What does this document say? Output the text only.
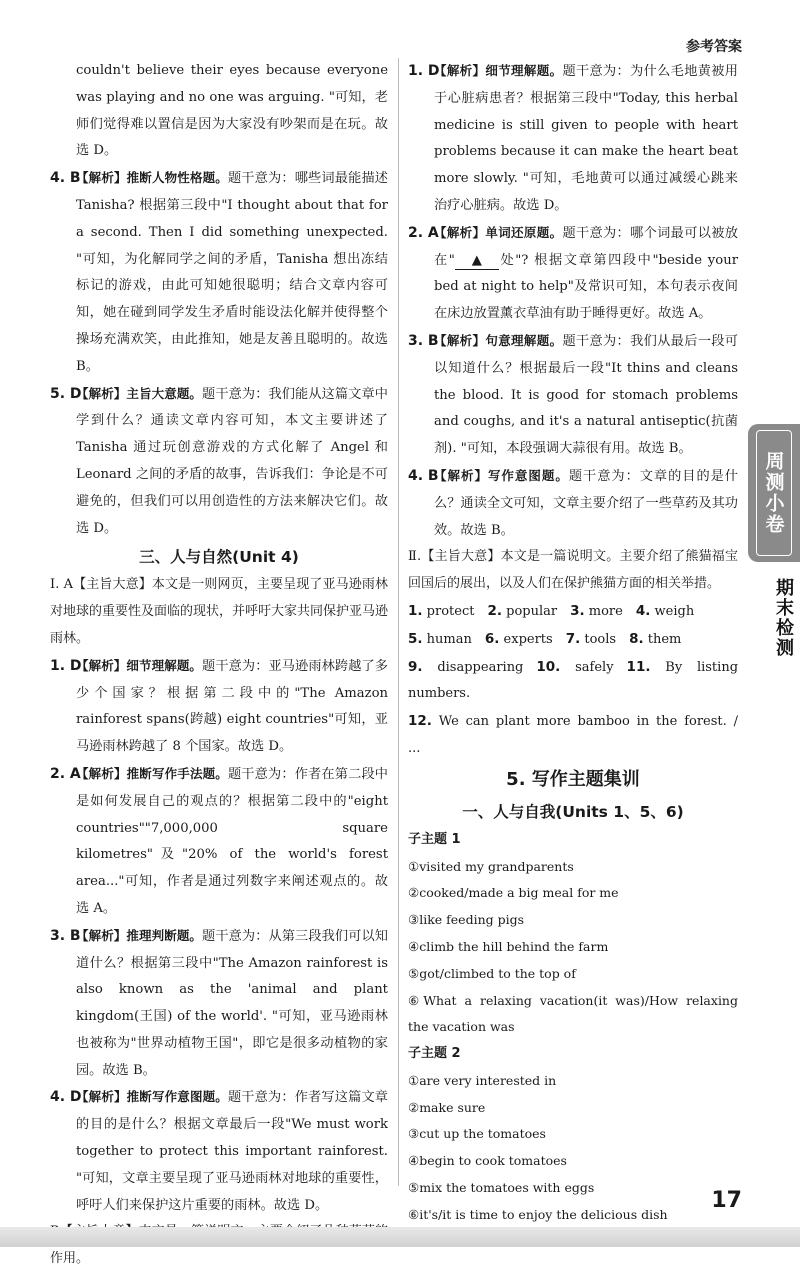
参考答案

couldn't believe their eyes because everyone was playing and no one was arguing. "可知，老师们觉得难以置信是因为大家没有吵架而是在玩。故选 D。

4. B
【解析】推断人物性格题。题干意为：哪些词最能描述 Tanisha? 根据第三段中"I thought about that for a second. Then I did something unexpected. "可知，为化解同学之间的矛盾，Tanisha 想出冻结标记的游戏，由此可知她很聪明；结合文章内容可知，她在碰到同学发生矛盾时能设法化解并使得整个操场充满欢笑，由此推知，她是友善且聪明的。故选 B。

5. D
【解析】主旨大意题。题干意为：我们能从这篇文章中学到什么？通读文章内容可知，本文主要讲述了 Tanisha 通过玩创意游戏的方式化解了 Angel 和 Leonard 之间的矛盾的故事，告诉我们：争论是不可避免的，但我们可以用创造性的方法来解决它们。故选 D。

三、人与自然(Unit 4)

Ⅰ. A【主旨大意】本文是一则网页，主要呈现了亚马逊雨林对地球的重要性及面临的现状，并呼吁大家共同保护亚马逊雨林。

1. D
【解析】细节理解题。题干意为：亚马逊雨林跨越了多少个国家？根据第二段中的"The Amazon rainforest spans(跨越) eight countries"可知，亚马逊雨林跨越了 8 个国家。故选 D。

2. A
【解析】推断写作手法题。题干意为：作者在第二段中是如何发展自己的观点的？根据第二段中的"eight countries""7,000,000 square kilometres"及"20% of the world's forest area..."可知，作者是通过列数字来阐述观点的。故选 A。

3. B
【解析】推理判断题。题干意为：从第三段我们可以知道什么？根据第三段中"The Amazon rainforest is also known as the 'animal and plant kingdom(王国) of the world'. "可知，亚马逊雨林也被称为"世界动植物王国"，即它是很多动植物的家园。故选 B。

4. D
【解析】推断写作意图题。题干意为：作者写这篇文章的目的是什么？根据文章最后一段"We must work together to protect this important rainforest. "可知，文章主要呈现了亚马逊雨林对地球的重要性，呼吁人们来保护这片重要的雨林。故选 D。

作用。

1. D
【解析】细节理解题。题干意为：为什么毛地黄被用于心脏病患者？根据第三段中"Today, this herbal medicine is still given to people with heart problems because it can make the heart beat more slowly. "可知，毛地黄可以通过减缓心跳来治疗心脏病。故选 D。

2. A
【解析】单词还原题。题干意为：哪个词最可以被放在" ▲ 处"? 根据文章第四段中"beside your bed at night to help"及常识可知，本句表示夜间在床边放置薰衣草油有助于睡得更好。故选 A。

3. B
【解析】句意理解题。题干意为：我们从最后一段可以知道什么？根据最后一段"It thins and cleans the blood. It is good for stomach problems and coughs, and it's a natural antiseptic(抗菌剂). "可知，本段强调大蒜很有用。故选 B。

4. B
【解析】写作意图题。题干意为：文章的目的是什么？通读全文可知，文章主要介绍了一些草药及其功效。故选 B。

Ⅱ.【主旨大意】本文是一篇说明文。主要介绍了熊猫福宝回国后的展出，以及人们在保护熊猫方面的相关举措。

1. protect  2. popular  3. more  4. weigh 

5. human  6. experts  7. tools  8. them 

9. disappearing  10. safely  11. By listing numbers. 

12. We can plant more bamboo in the forest. / ... 

5. 写作主题集训

一、人与自我(Units 1、5、6)

子主题 1

①visited my grandparents

②cooked/made a big meal for me

③like feeding pigs

④climb the hill behind the farm

⑤got/climbed to the top of

⑥What a relaxing vacation(it was)/How relaxing the vacation was

子主题 2

①are very interested in

②make sure

③cut up the tomatoes

④begin to cook tomatoes

⑤mix the tomatoes with eggs

⑥it's/it is time to enjoy the delicious dish

周测小卷
期末检测
17
